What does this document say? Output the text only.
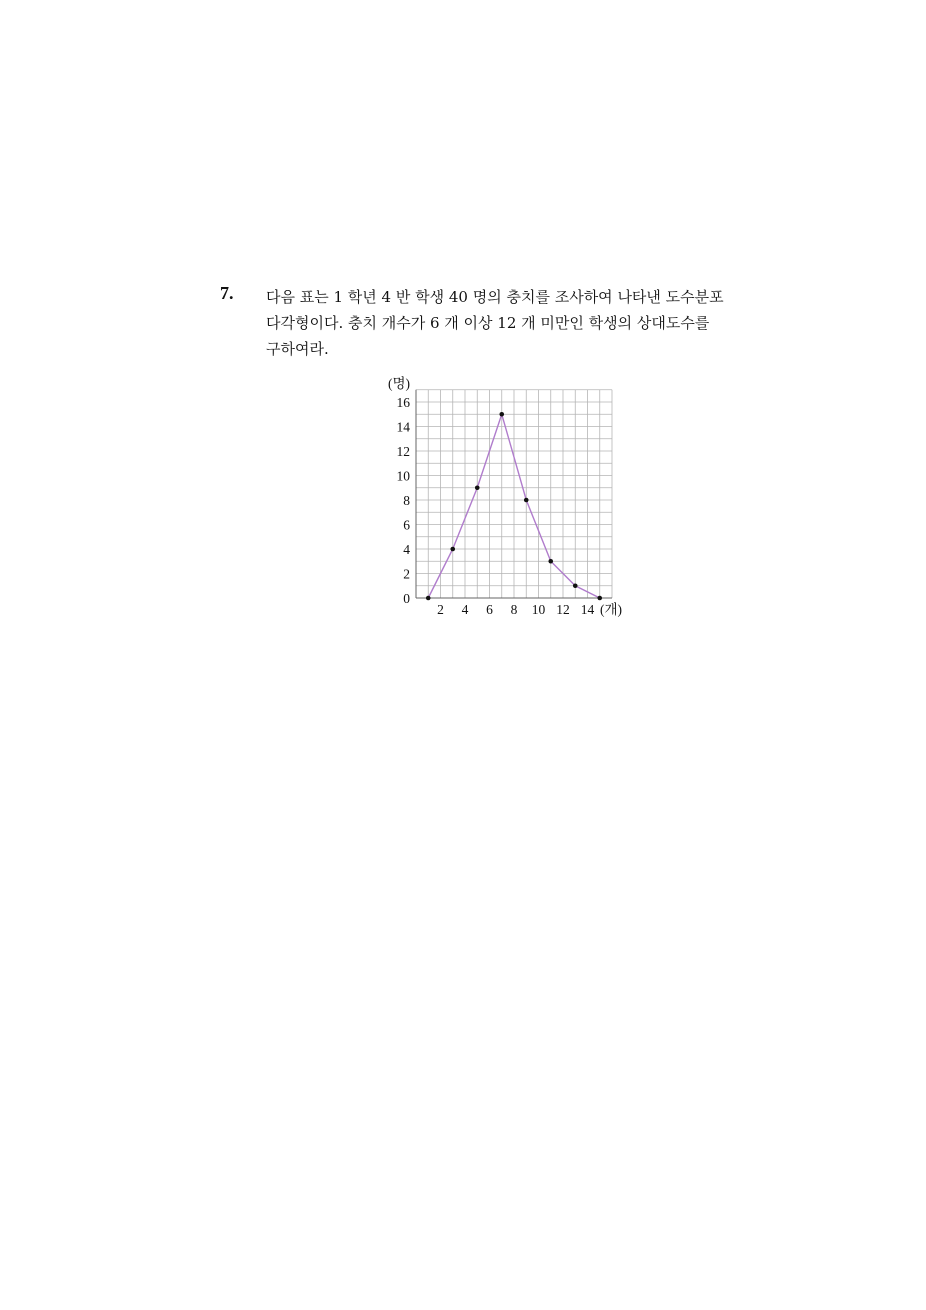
7. 다음 표는 1 학년 4 반 학생 40 명의 충치를 조사하여 나타낸 도수분포
다각형이다. 충치 개수가 6 개 이상 12 개 미만인 학생의 상대도수를
구하여라.
0
2
4
6
8
10
12
14
16
2 4 6 8 10 12 14
(명)
(개)
